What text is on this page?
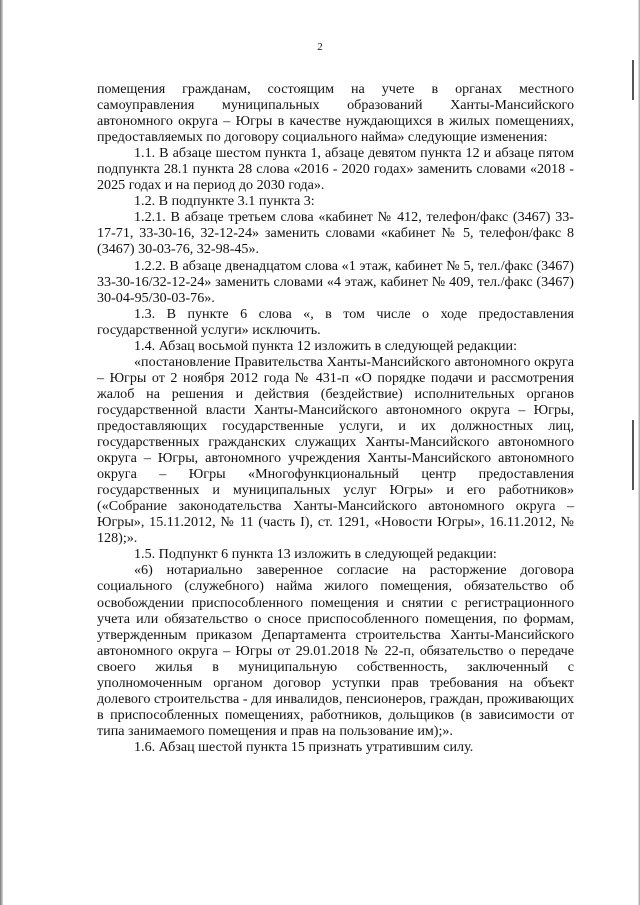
2

помещения гражданам, состоящим на учете в органах местного самоуправления муниципальных образований Ханты-Мансийского автономного округа – Югры в качестве нуждающихся в жилых помещениях, предоставляемых по договору социального найма» следующие изменения:

1.1. В абзаце шестом пункта 1, абзаце девятом пункта 12 и абзаце пятом подпункта 28.1 пункта 28 слова «2016 - 2020 годах» заменить словами «2018 - 2025 годах и на период до 2030 года».

1.2. В подпункте 3.1 пункта 3:

1.2.1. В абзаце третьем слова «кабинет № 412, телефон/факс (3467) 33-17-71, 33-30-16, 32-12-24» заменить словами «кабинет № 5, телефон/факс 8 (3467) 30-03-76, 32-98-45».

1.2.2. В абзаце двенадцатом слова «1 этаж, кабинет № 5, тел./факс (3467) 33-30-16/32-12-24» заменить словами «4 этаж, кабинет № 409, тел./факс (3467) 30-04-95/30-03-76».

1.3. В пункте 6 слова «, в том числе о ходе предоставления государственной услуги» исключить.

1.4. Абзац восьмой пункта 12 изложить в следующей редакции:

«постановление Правительства Ханты-Мансийского автономного округа – Югры от 2 ноября 2012 года № 431-п «О порядке подачи и рассмотрения жалоб на решения и действия (бездействие) исполнительных органов государственной власти Ханты-Мансийского автономного округа – Югры, предоставляющих государственные услуги, и их должностных лиц, государственных гражданских служащих Ханты-Мансийского автономного округа – Югры, автономного учреждения Ханты-Мансийского автономного округа – Югры «Многофункциональный центр предоставления государственных и муниципальных услуг Югры» и его работников» («Собрание законодательства Ханты-Мансийского автономного округа – Югры», 15.11.2012, № 11 (часть I), ст. 1291, «Новости Югры», 16.11.2012, № 128);».

1.5. Подпункт 6 пункта 13 изложить в следующей редакции:

«6) нотариально заверенное согласие на расторжение договора социального (служебного) найма жилого помещения, обязательство об освобождении приспособленного помещения и снятии с регистрационного учета или обязательство о сносе приспособленного помещения, по формам, утвержденным приказом Департамента строительства Ханты-Мансийского автономного округа – Югры от 29.01.2018 № 22-п, обязательство о передаче своего жилья в муниципальную собственность, заключенный с уполномоченным органом договор уступки прав требования на объект долевого строительства - для инвалидов, пенсионеров, граждан, проживающих в приспособленных помещениях, работников, дольщиков (в зависимости от типа занимаемого помещения и прав на пользование им);».

1.6. Абзац шестой пункта 15 признать утратившим силу.
